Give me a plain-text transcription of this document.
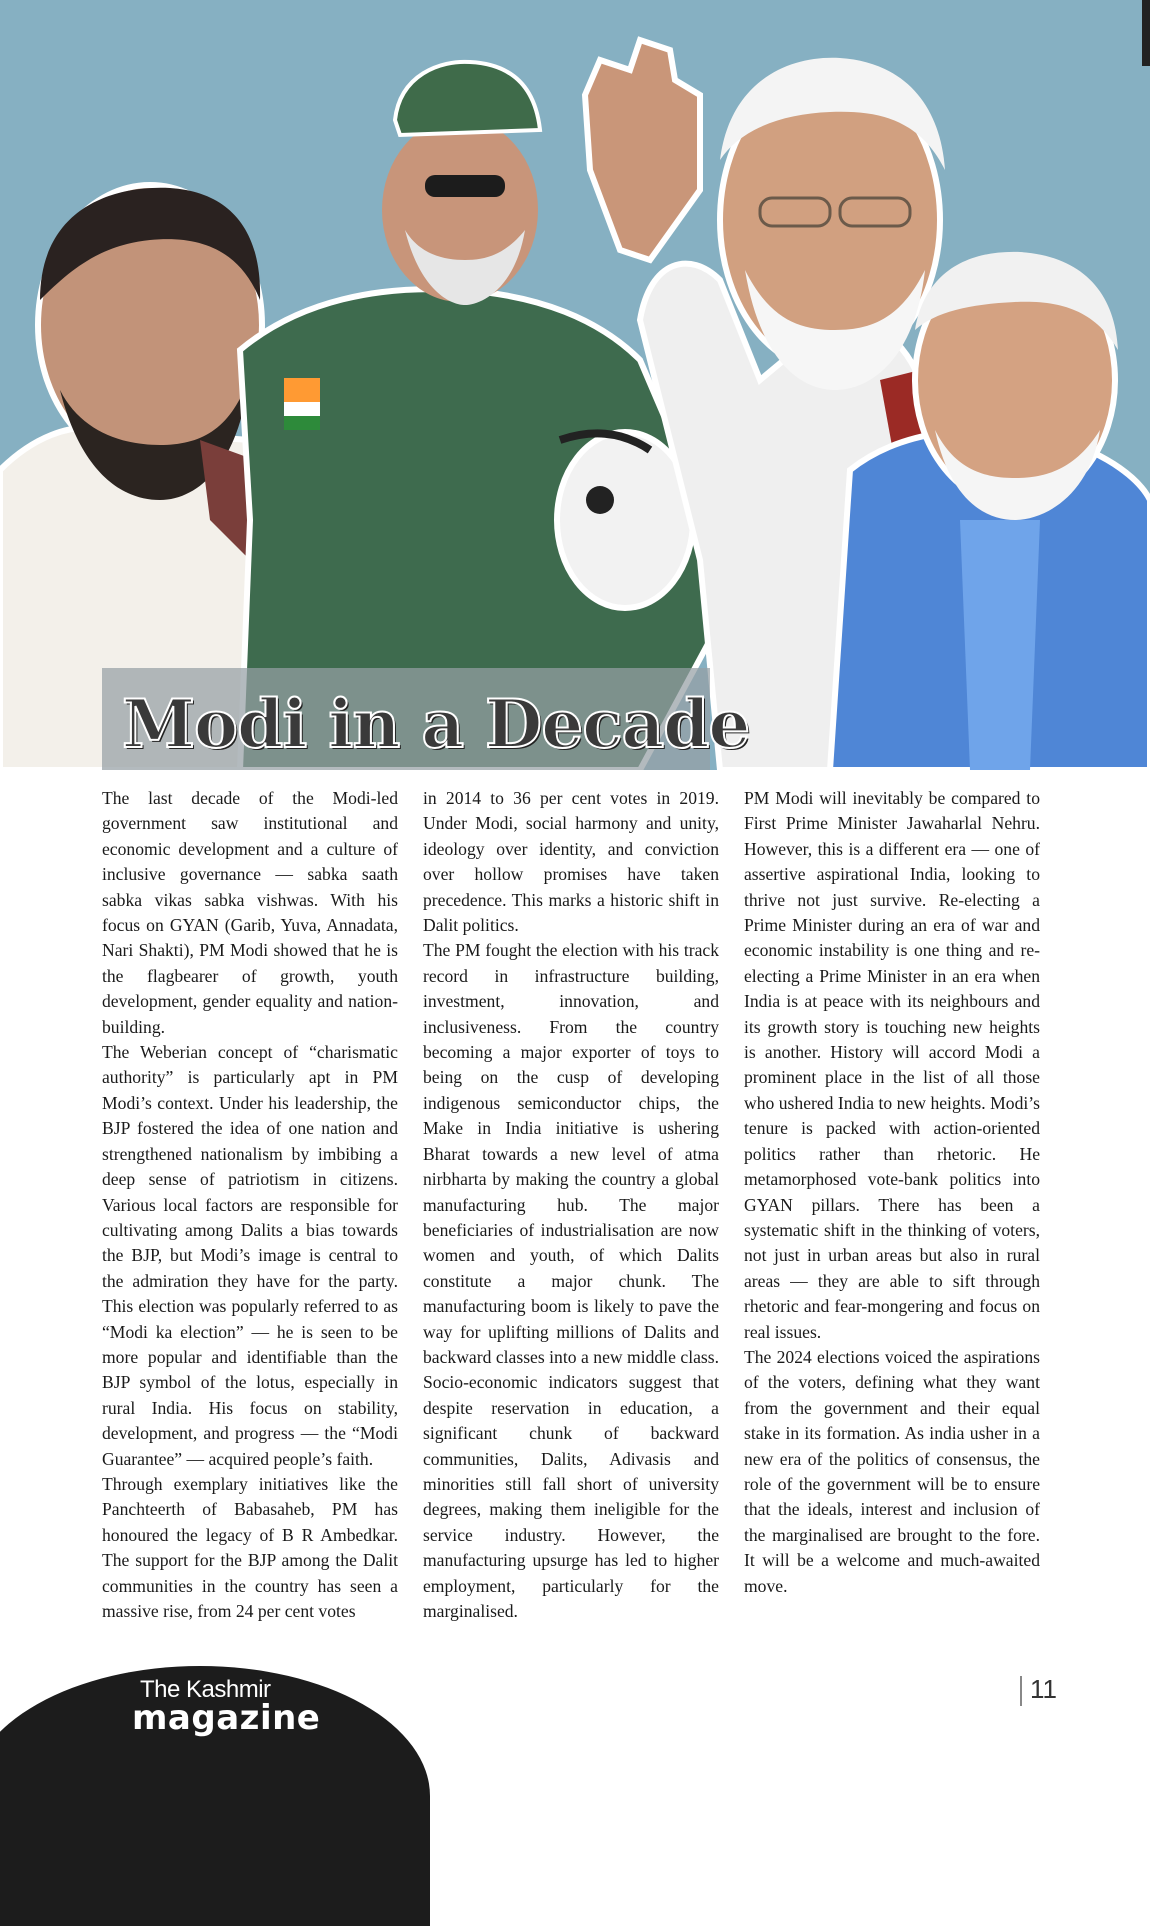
Modi in a Decade

The last decade of the Modi-led government saw institutional and economic development and a culture of inclusive governance — sabka saath sabka vikas sabka vishwas. With his focus on GYAN (Garib, Yuva, Annadata, Nari Shakti), PM Modi showed that he is the flagbearer of growth, youth development, gender equality and nation-building.

The Weberian concept of “charismatic authority” is particularly apt in PM Modi’s context. Under his leadership, the BJP fostered the idea of one nation and strengthened nationalism by imbibing a deep sense of patriotism in citizens. Various local factors are responsible for cultivating among Dalits a bias towards the BJP, but Modi’s image is central to the admiration they have for the party. This election was popularly referred to as “Modi ka election” — he is seen to be more popular and identifiable than the BJP symbol of the lotus, especially in rural India. His focus on stability, development, and progress — the “Modi Guarantee” — acquired people’s faith.

Through exemplary initiatives like the Panchteerth of Babasaheb, PM has honoured the legacy of B R Ambedkar. The support for the BJP among the Dalit communities in the country has seen a massive rise, from 24 per cent votes

in 2014 to 36 per cent votes in 2019. Under Modi, social harmony and unity, ideology over identity, and conviction over hollow promises have taken precedence. This marks a historic shift in Dalit politics.

The PM fought the election with his track record in infrastructure building, investment, innovation, and inclusiveness. From the country becoming a major exporter of toys to being on the cusp of developing indigenous semiconductor chips, the Make in India initiative is ushering Bharat towards a new level of atma nirbharta by making the country a global manufacturing hub. The major beneficiaries of industrialisation are now women and youth, of which Dalits constitute a major chunk. The manufacturing boom is likely to pave the way for uplifting millions of Dalits and backward classes into a new middle class. Socio-economic indicators suggest that despite reservation in education, a significant chunk of backward communities, Dalits, Adivasis and minorities still fall short of university degrees, making them ineligible for the service industry. However, the manufacturing upsurge has led to higher employment, particularly for the marginalised.

PM Modi will inevitably be compared to First Prime Minister Jawaharlal Nehru. However, this is a different era — one of assertive aspirational India, looking to thrive not just survive. Re-electing a Prime Minister during an era of war and economic instability is one thing and re-electing a Prime Minister in an era when India is at peace with its neighbours and its growth story is touching new heights is another. History will accord Modi a prominent place in the list of all those who ushered India to new heights. Modi’s tenure is packed with action-oriented politics rather than rhetoric. He metamorphosed vote-bank politics into GYAN pillars. There has been a systematic shift in the thinking of voters, not just in urban areas but also in rural areas — they are able to sift through rhetoric and fear-mongering and focus on real issues.

The 2024 elections voiced the aspirations of the voters, defining what they want from the government and their equal stake in its formation. As india usher in a new era of the politics of consensus, the role of the government will be to ensure that the ideals, interest and inclusion of the marginalised are brought to the fore. It will be a welcome and much-awaited move.

The Kashmir
magazine
11
